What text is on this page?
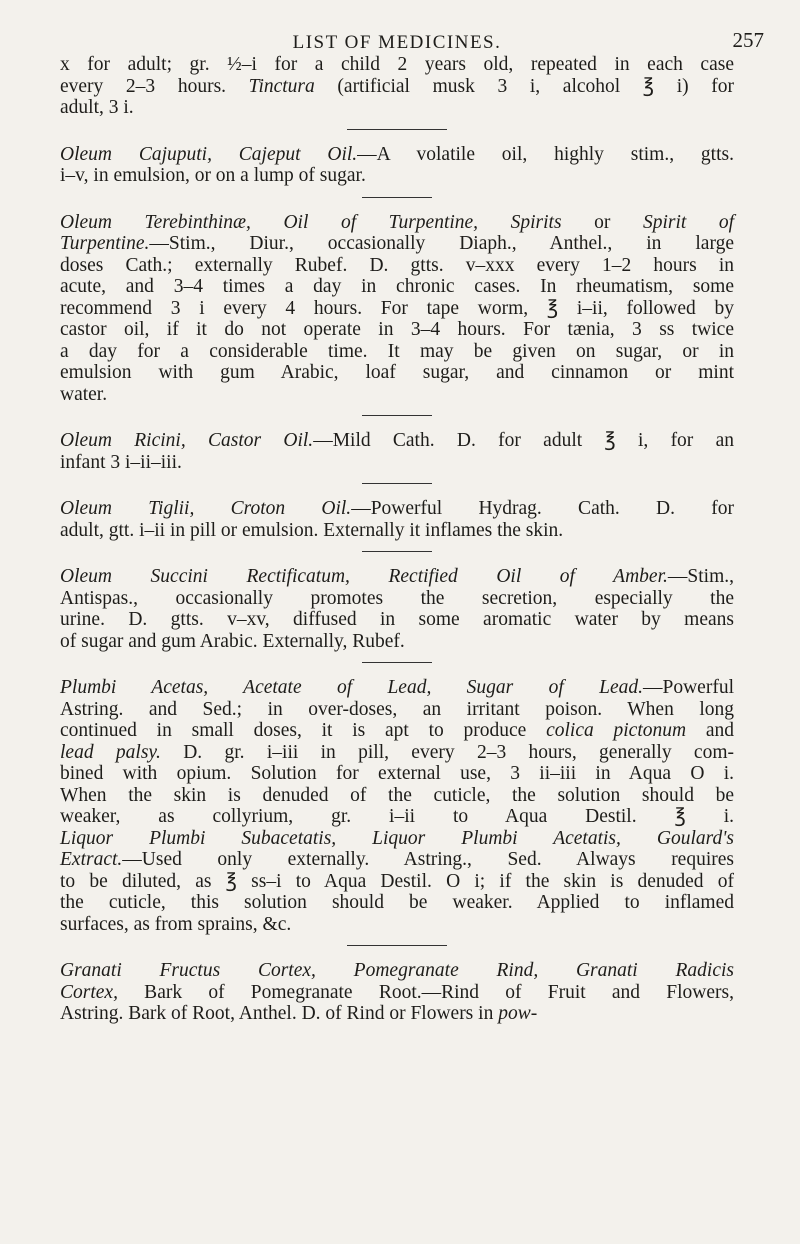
LIST OF MEDICINES.	257
x for adult; gr. ½–i for a child 2 years old, repeated in each case
every 2–3 hours. Tinctura (artificial musk 3 i, alcohol ℥ i) for
adult, 3 i.
Oleum Cajuputi, Cajeput Oil.—A volatile oil, highly stim., gtts.
i–v, in emulsion, or on a lump of sugar.
Oleum Terebinthinæ, Oil of Turpentine, Spirits or Spirit of
Turpentine.—Stim., Diur., occasionally Diaph., Anthel., in large
doses Cath.; externally Rubef. D. gtts. v–xxx every 1–2 hours in
acute, and 3–4 times a day in chronic cases. In rheumatism, some
recommend 3 i every 4 hours. For tape worm, ℥ i–ii, followed by
castor oil, if it do not operate in 3–4 hours. For tænia, 3 ss twice
a day for a considerable time. It may be given on sugar, or in
emulsion with gum Arabic, loaf sugar, and cinnamon or mint
water.
Oleum Ricini, Castor Oil.—Mild Cath. D. for adult ℥ i, for an
infant 3 i–ii–iii.
Oleum Tiglii, Croton Oil.—Powerful Hydrag. Cath. D. for
adult, gtt. i–ii in pill or emulsion. Externally it inflames the skin.
Oleum Succini Rectificatum, Rectified Oil of Amber.—Stim.,
Antispas., occasionally promotes the secretion, especially the
urine. D. gtts. v–xv, diffused in some aromatic water by means
of sugar and gum Arabic. Externally, Rubef.
Plumbi Acetas, Acetate of Lead, Sugar of Lead.—Powerful
Astring. and Sed.; in over-doses, an irritant poison. When long
continued in small doses, it is apt to produce colica pictonum and
lead palsy. D. gr. i–iii in pill, every 2–3 hours, generally com-
bined with opium. Solution for external use, 3 ii–iii in Aqua O i.
When the skin is denuded of the cuticle, the solution should be
weaker, as collyrium, gr. i–ii to Aqua Destil. ℥ i.
Liquor Plumbi Subacetatis, Liquor Plumbi Acetatis, Goulard's
Extract.—Used only externally. Astring., Sed. Always requires
to be diluted, as ℥ ss–i to Aqua Destil. O i; if the skin is denuded of
the cuticle, this solution should be weaker. Applied to inflamed
surfaces, as from sprains, &c.
Granati Fructus Cortex, Pomegranate Rind, Granati Radicis
Cortex, Bark of Pomegranate Root.—Rind of Fruit and Flowers,
Astring. Bark of Root, Anthel. D. of Rind or Flowers in pow-
